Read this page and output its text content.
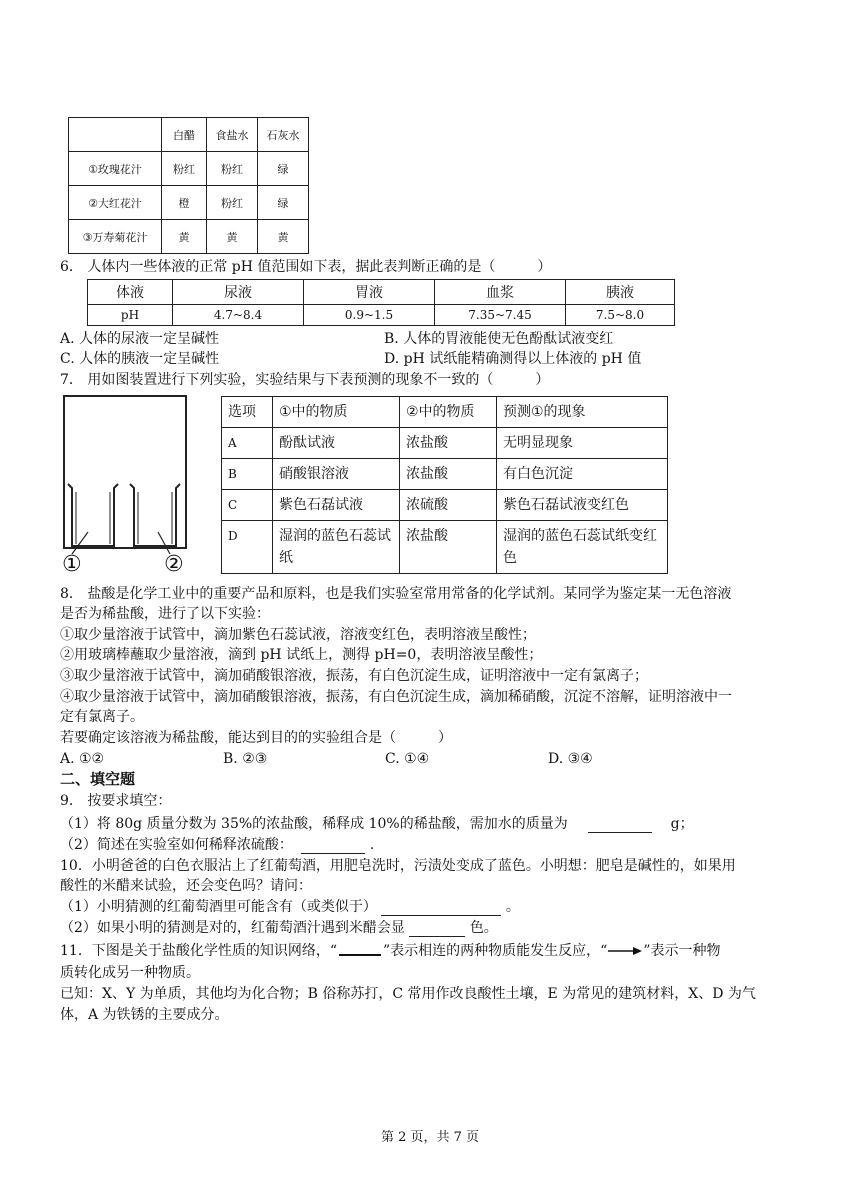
	白醋	食盐水	石灰水
①玫瑰花汁	粉红	粉红	绿
②大红花汁	橙	粉红	绿
③万寿菊花汁	黄	黄	黄
6． 人体内一些体液的正常 pH 值范围如下表，据此表判断正确的是（　　　）
体液	尿液	胃液	血浆	胰液
pH	4.7~8.4	0.9~1.5	7.35~7.45	7.5~8.0
A. 人体的尿液一定呈碱性	B. 人体的胃液能使无色酚酞试液变红
C. 人体的胰液一定呈碱性	D. pH 试纸能精确测得以上体液的 pH 值
7． 用如图装置进行下列实验，实验结果与下表预测的现象不一致的（　　　）
①	②
选项	①中的物质	②中的物质	预测①的现象
A	酚酞试液	浓盐酸	无明显现象
B	硝酸银溶液	浓盐酸	有白色沉淀
C	紫色石磊试液	浓硫酸	紫色石磊试液变红色
D	湿润的蓝色石蕊试纸	浓盐酸	湿润的蓝色石蕊试纸变红色
8． 盐酸是化学工业中的重要产品和原料，也是我们实验室常用常备的化学试剂。某同学为鉴定某一无色溶液
是否为稀盐酸，进行了以下实验：
①取少量溶液于试管中，滴加紫色石蕊试液，溶液变红色，表明溶液呈酸性；
②用玻璃棒蘸取少量溶液，滴到 pH 试纸上，测得 pH=0，表明溶液呈酸性；
③取少量溶液于试管中，滴加硝酸银溶液，振荡，有白色沉淀生成，证明溶液中一定有氯离子；
④取少量溶液于试管中，滴加硝酸银溶液，振荡，有白色沉淀生成，滴加稀硝酸，沉淀不溶解，证明溶液中一
定有氯离子。
若要确定该溶液为稀盐酸，能达到目的的实验组合是（　　　）
A. ①②	B. ②③	C. ①④	D. ③④
二、填空题
9． 按要求填空：
（1）将 80g 质量分数为 35%的浓盐酸，稀释成 10%的稀盐酸，需加水的质量为	g；
（2）简述在实验室如何稀释浓硫酸：	.
10．小明爸爸的白色衣服沾上了红葡萄酒，用肥皂洗时，污渍处变成了蓝色。小明想：肥皂是碱性的，如果用
酸性的米醋来试验，还会变色吗？请问：
（1）小明猜测的红葡萄酒里可能含有（或类似于）	。
（2）如果小明的猜测是对的，红葡萄酒汁遇到米醋会显	色。
11．下图是关于盐酸化学性质的知识网络，“	”表示相连的两种物质能发生反应，“	”表示一种物
质转化成另一种物质。
已知：X、Y 为单质，其他均为化合物；B 俗称苏打，C 常用作改良酸性土壤，E 为常见的建筑材料，X、D 为气
体，A 为铁锈的主要成分。
第 2 页，共 7 页
